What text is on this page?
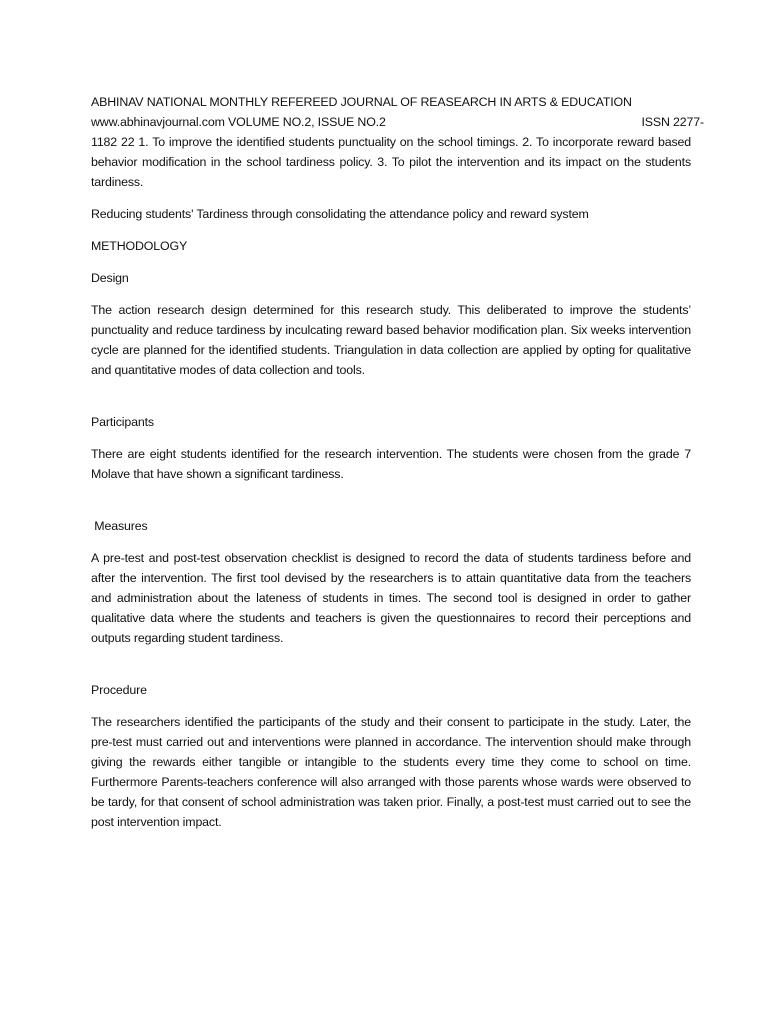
ABHINAV NATIONAL MONTHLY REFEREED JOURNAL OF REASEARCH IN ARTS & EDUCATION

www.abhinavjournal.com VOLUME NO.2, ISSUE NO.2	ISSN 2277-

1182 22 1. To improve the identified students punctuality on the school timings. 2. To incorporate reward based behavior modification in the school tardiness policy. 3. To pilot the intervention and its impact on the students tardiness.

Reducing students' Tardiness through consolidating the attendance policy and reward system

METHODOLOGY

Design

The action research design determined for this research study. This deliberated to improve the students’ punctuality and reduce tardiness by inculcating reward based behavior modification plan. Six weeks intervention cycle are planned for the identified students. Triangulation in data collection are applied by opting for qualitative and quantitative modes of data collection and tools.

Participants

There are eight students identified for the research intervention. The students were chosen from the grade 7 Molave that have shown a significant tardiness.

Measures

A pre-test and post-test observation checklist is designed to record the data of students tardiness before and after the intervention. The first tool devised by the researchers is to attain quantitative data from the teachers and administration about the lateness of students in times. The second tool is designed in order to gather qualitative data where the students and teachers is given the questionnaires to record their perceptions and outputs regarding student tardiness.

Procedure

The researchers identified the participants of the study and their consent to participate in the study. Later, the pre-test must carried out and interventions were planned in accordance. The intervention should make through giving the rewards either tangible or intangible to the students every time they come to school on time. Furthermore Parents-teachers conference will also arranged with those parents whose wards were observed to be tardy, for that consent of school administration was taken prior. Finally, a post-test must carried out to see the post intervention impact.
